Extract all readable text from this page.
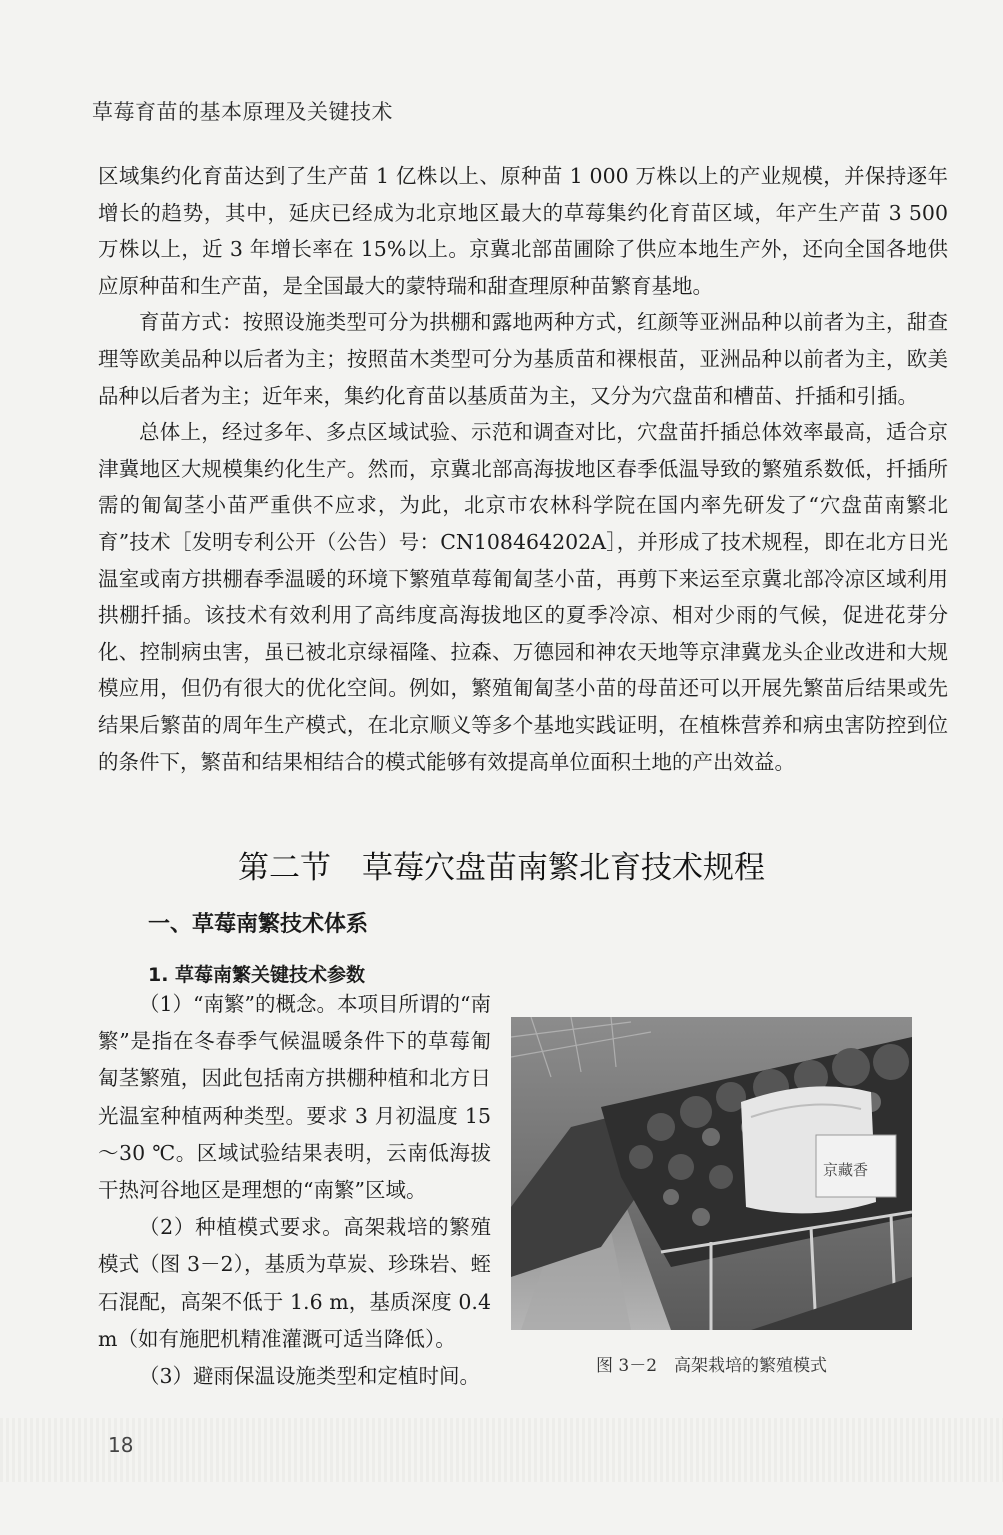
草莓育苗的基本原理及关键技术

区域集约化育苗达到了生产苗 1 亿株以上、原种苗 1 000 万株以上的产业规模，并保持逐年增长的趋势，其中，延庆已经成为北京地区最大的草莓集约化育苗区域，年产生产苗 3 500 万株以上，近 3 年增长率在 15%以上。京冀北部苗圃除了供应本地生产外，还向全国各地供应原种苗和生产苗，是全国最大的蒙特瑞和甜查理原种苗繁育基地。

育苗方式：按照设施类型可分为拱棚和露地两种方式，红颜等亚洲品种以前者为主，甜查理等欧美品种以后者为主；按照苗木类型可分为基质苗和裸根苗，亚洲品种以前者为主，欧美品种以后者为主；近年来，集约化育苗以基质苗为主，又分为穴盘苗和槽苗、扦插和引插。

总体上，经过多年、多点区域试验、示范和调查对比，穴盘苗扦插总体效率最高，适合京津冀地区大规模集约化生产。然而，京冀北部高海拔地区春季低温导致的繁殖系数低，扦插所需的匍匐茎小苗严重供不应求，为此，北京市农林科学院在国内率先研发了“穴盘苗南繁北育”技术［发明专利公开（公告）号：CN108464202A］，并形成了技术规程，即在北方日光温室或南方拱棚春季温暖的环境下繁殖草莓匍匐茎小苗，再剪下来运至京冀北部冷凉区域利用拱棚扦插。该技术有效利用了高纬度高海拔地区的夏季冷凉、相对少雨的气候，促进花芽分化、控制病虫害，虽已被北京绿福隆、拉森、万德园和神农天地等京津冀龙头企业改进和大规模应用，但仍有很大的优化空间。例如，繁殖匍匐茎小苗的母苗还可以开展先繁苗后结果或先结果后繁苗的周年生产模式，在北京顺义等多个基地实践证明，在植株营养和病虫害防控到位的条件下，繁苗和结果相结合的模式能够有效提高单位面积土地的产出效益。

第二节　草莓穴盘苗南繁北育技术规程
一、草莓南繁技术体系
1. 草莓南繁关键技术参数

（1）“南繁”的概念。本项目所谓的“南繁”是指在冬春季气候温暖条件下的草莓匍匐茎繁殖，因此包括南方拱棚种植和北方日光温室种植两种类型。要求 3 月初温度 15～30 ℃。区域试验结果表明，云南低海拔干热河谷地区是理想的“南繁”区域。

（2）种植模式要求。高架栽培的繁殖模式（图 3－2），基质为草炭、珍珠岩、蛭石混配，高架不低于 1.6 m，基质深度 0.4 m（如有施肥机精准灌溉可适当降低）。

（3）避雨保温设施类型和定植时间。

京藏香
图 3－2　高架栽培的繁殖模式
18
